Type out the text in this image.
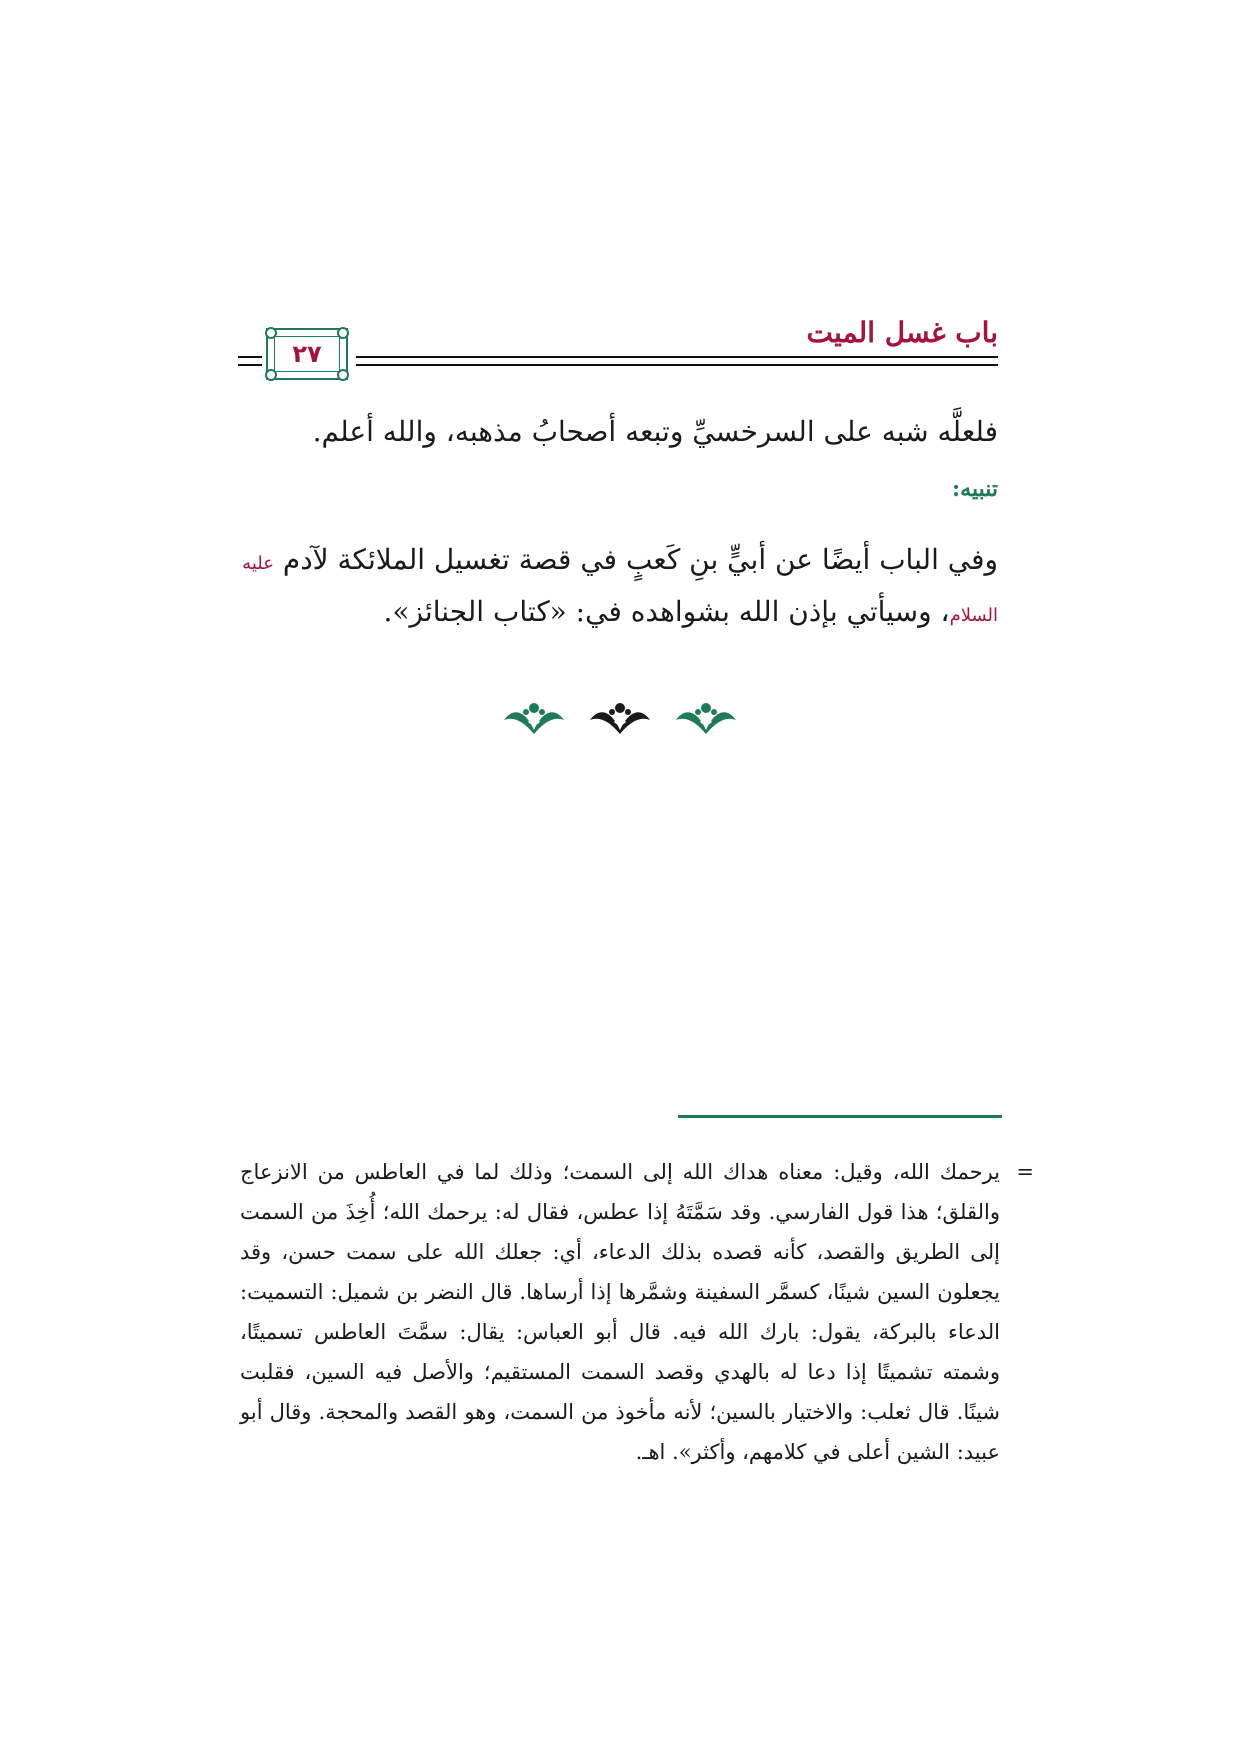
باب غسل الميت
٢٧
فلعلَّه شبه على السرخسيِّ وتبعه أصحابُ مذهبه، والله أعلم.
تنبيه:
وفي الباب أيضًا عن أبيٍّ بنِ كَعبٍ في قصة تغسيل الملائكة لآدم عليه السلام، وسيأتي بإذن الله بشواهده في: «كتاب الجنائز».
=
يرحمك الله، وقيل: معناه هداك الله إلى السمت؛ وذلك لما في العاطس من الانزعاج والقلق؛ هذا قول الفارسي. وقد سَمَّتَهُ إذا عطس، فقال له: يرحمك الله؛ أُخِذَ من السمت إلى الطريق والقصد، كأنه قصده بذلك الدعاء، أي: جعلك الله على سمت حسن، وقد يجعلون السين شينًا، كسمَّر السفينة وشمَّرها إذا أرساها. قال النضر بن شميل: التسميت: الدعاء بالبركة، يقول: بارك الله فيه. قال أبو العباس: يقال: سمَّتَ العاطس تسميتًا، وشمته تشميتًا إذا دعا له بالهدي وقصد السمت المستقيم؛ والأصل فيه السين، فقلبت شينًا. قال ثعلب: والاختيار بالسين؛ لأنه مأخوذ من السمت، وهو القصد والمحجة. وقال أبو عبيد: الشين أعلى في كلامهم، وأكثر». اهـ.
